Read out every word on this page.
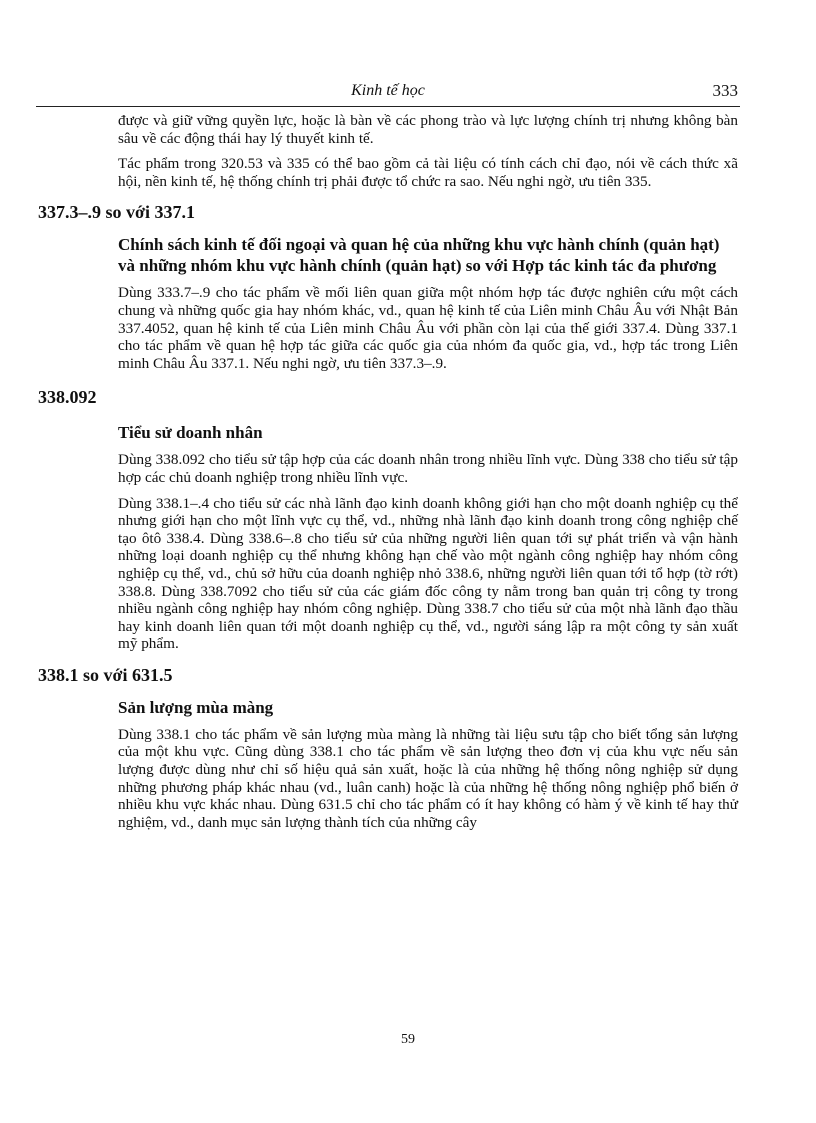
Kinh tế học	333

được và giữ vững quyền lực, hoặc là bàn về các phong trào và lực lượng chính trị nhưng không bàn sâu về các động thái hay lý thuyết kinh tế.

Tác phẩm trong 320.53 và 335 có thể bao gồm cả tài liệu có tính cách chỉ đạo, nói về cách thức xã hội, nền kinh tế, hệ thống chính trị phải được tổ chức ra sao. Nếu nghi ngờ, ưu tiên 335.

337.3–.9 so với 337.1
Chính sách kinh tế đối ngoại và quan hệ của những khu vực hành chính (quản hạt) và những nhóm khu vực hành chính (quản hạt) so với Hợp tác kinh tác đa phương

Dùng 333.7–.9 cho tác phẩm về mối liên quan giữa một nhóm hợp tác được nghiên cứu một cách chung và những quốc gia hay nhóm khác, vd., quan hệ kinh tế của Liên minh Châu Âu với Nhật Bản 337.4052, quan hệ kinh tế của Liên minh Châu Âu với phần còn lại của thế giới 337.4. Dùng 337.1 cho tác phẩm về quan hệ hợp tác giữa các quốc gia của nhóm đa quốc gia, vd., hợp tác trong Liên minh Châu Âu 337.1. Nếu nghi ngờ, ưu tiên 337.3–.9.

338.092
Tiểu sử doanh nhân

Dùng 338.092 cho tiểu sử tập hợp của các doanh nhân trong nhiều lĩnh vực. Dùng 338 cho tiểu sử tập hợp các chủ doanh nghiệp trong nhiều lĩnh vực.

Dùng 338.1–.4 cho tiểu sử các nhà lãnh đạo kinh doanh không giới hạn cho một doanh nghiệp cụ thể nhưng giới hạn cho một lĩnh vực cụ thể, vd., những nhà lãnh đạo kinh doanh trong công nghiệp chế tạo ôtô 338.4. Dùng 338.6–.8 cho tiểu sử của những người liên quan tới sự phát triển và vận hành những loại doanh nghiệp cụ thể nhưng không hạn chế vào một ngành công nghiệp hay nhóm công nghiệp cụ thể, vd., chủ sở hữu của doanh nghiệp nhỏ 338.6, những người liên quan tới tổ hợp (tờ rớt) 338.8. Dùng 338.7092 cho tiểu sử của các giám đốc công ty nằm trong ban quản trị công ty trong nhiều ngành công nghiệp hay nhóm công nghiệp. Dùng 338.7 cho tiểu sử của một nhà lãnh đạo thầu hay kinh doanh liên quan tới một doanh nghiệp cụ thể, vd., người sáng lập ra một công ty sản xuất mỹ phẩm.

338.1 so với 631.5
Sản lượng mùa màng

Dùng 338.1 cho tác phẩm về sản lượng mùa màng là những tài liệu sưu tập cho biết tổng sản lượng của một khu vực. Cũng dùng 338.1 cho tác phẩm về sản lượng theo đơn vị của khu vực nếu sản lượng được dùng như chỉ số hiệu quả sản xuất, hoặc là của những hệ thống nông nghiệp sử dụng những phương pháp khác nhau (vd., luân canh) hoặc là của những hệ thống nông nghiệp phổ biến ở nhiều khu vực khác nhau. Dùng 631.5 chỉ cho tác phẩm có ít hay không có hàm ý về kinh tế hay thử nghiệm, vd., danh mục sản lượng thành tích của những cây

59
